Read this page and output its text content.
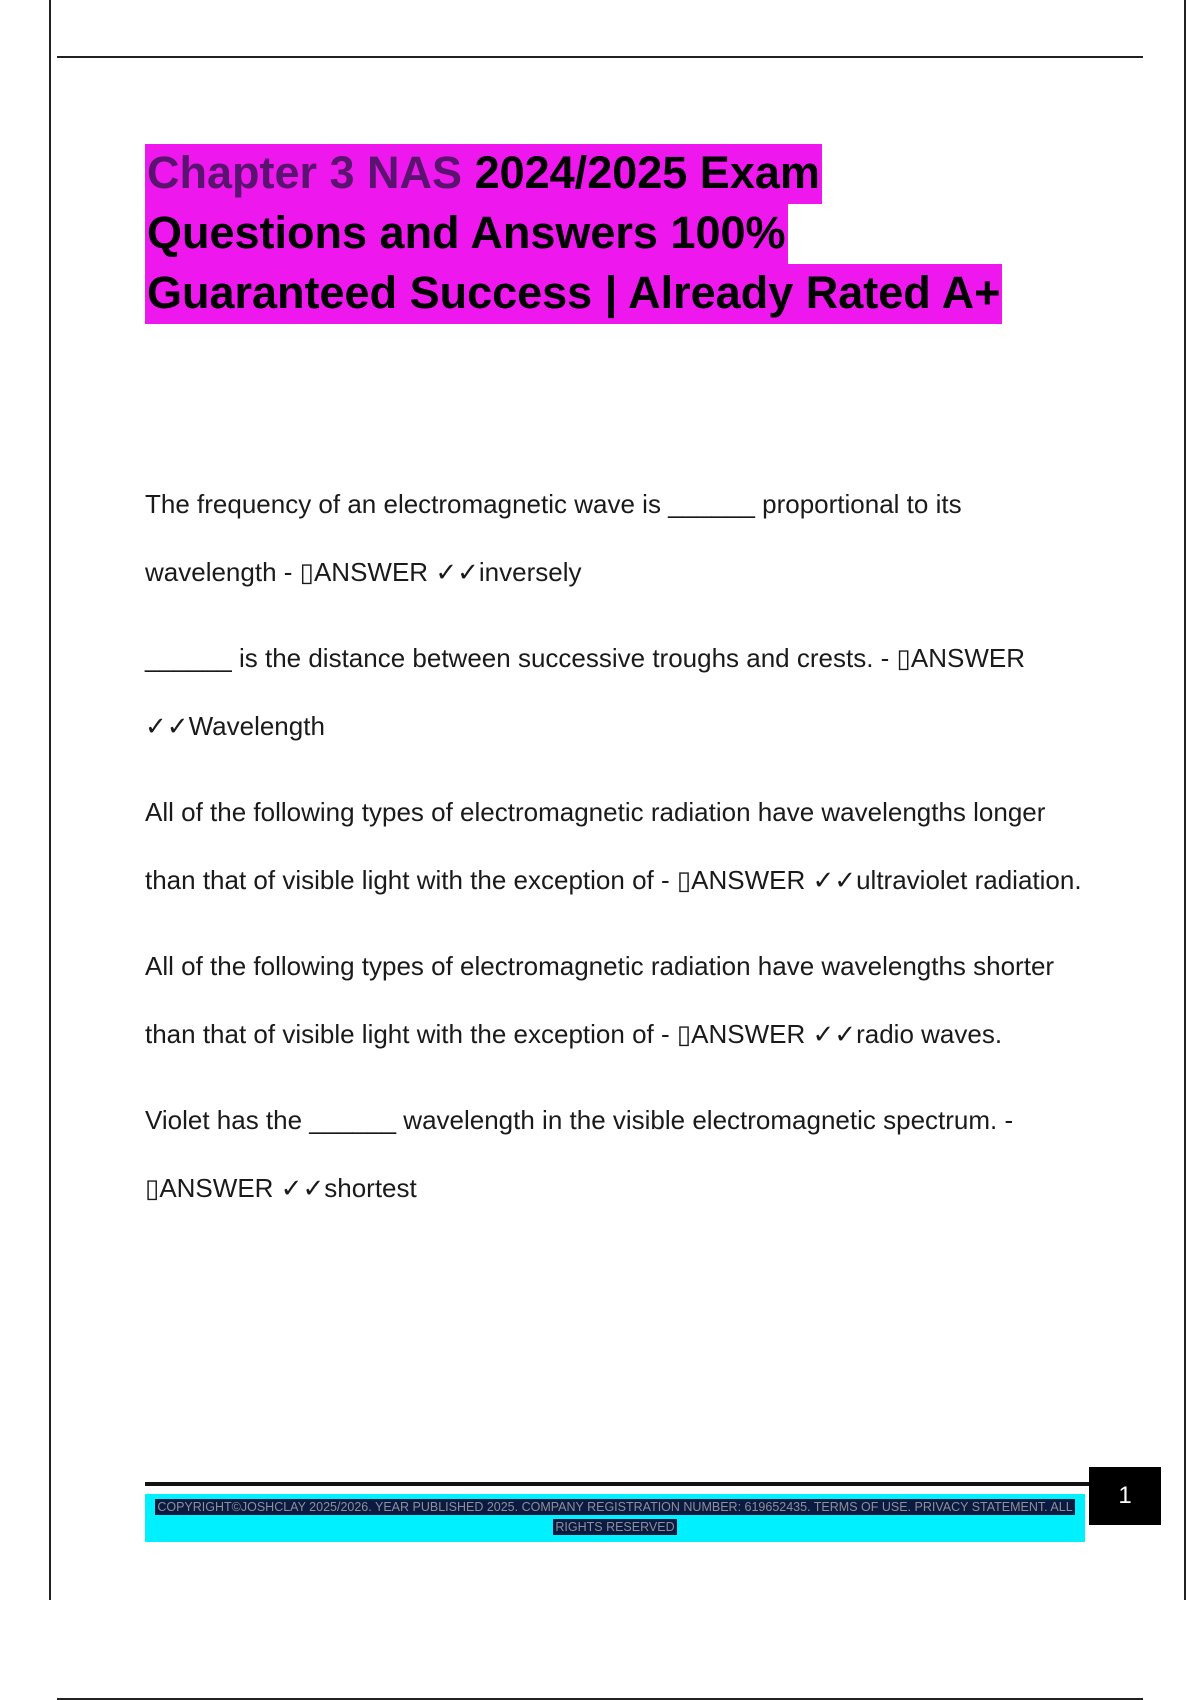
Chapter 3 NAS 2024/2025 Exam
Questions and Answers 100%
Guaranteed Success | Already Rated A+

The frequency of an electromagnetic wave is ______ proportional to its wavelength - ▯ANSWER ✓✓inversely

______ is the distance between successive troughs and crests. - ▯ANSWER ✓✓Wavelength

All of the following types of electromagnetic radiation have wavelengths longer than that of visible light with the exception of - ▯ANSWER ✓✓ultraviolet radiation.

All of the following types of electromagnetic radiation have wavelengths shorter than that of visible light with the exception of - ▯ANSWER ✓✓radio waves.

Violet has the ______ wavelength in the visible electromagnetic spectrum. - ▯ANSWER ✓✓shortest

COPYRIGHT©JOSHCLAY 2025/2026. YEAR PUBLISHED 2025. COMPANY REGISTRATION NUMBER: 619652435. TERMS OF USE. PRIVACY STATEMENT. ALL RIGHTS RESERVED
1
